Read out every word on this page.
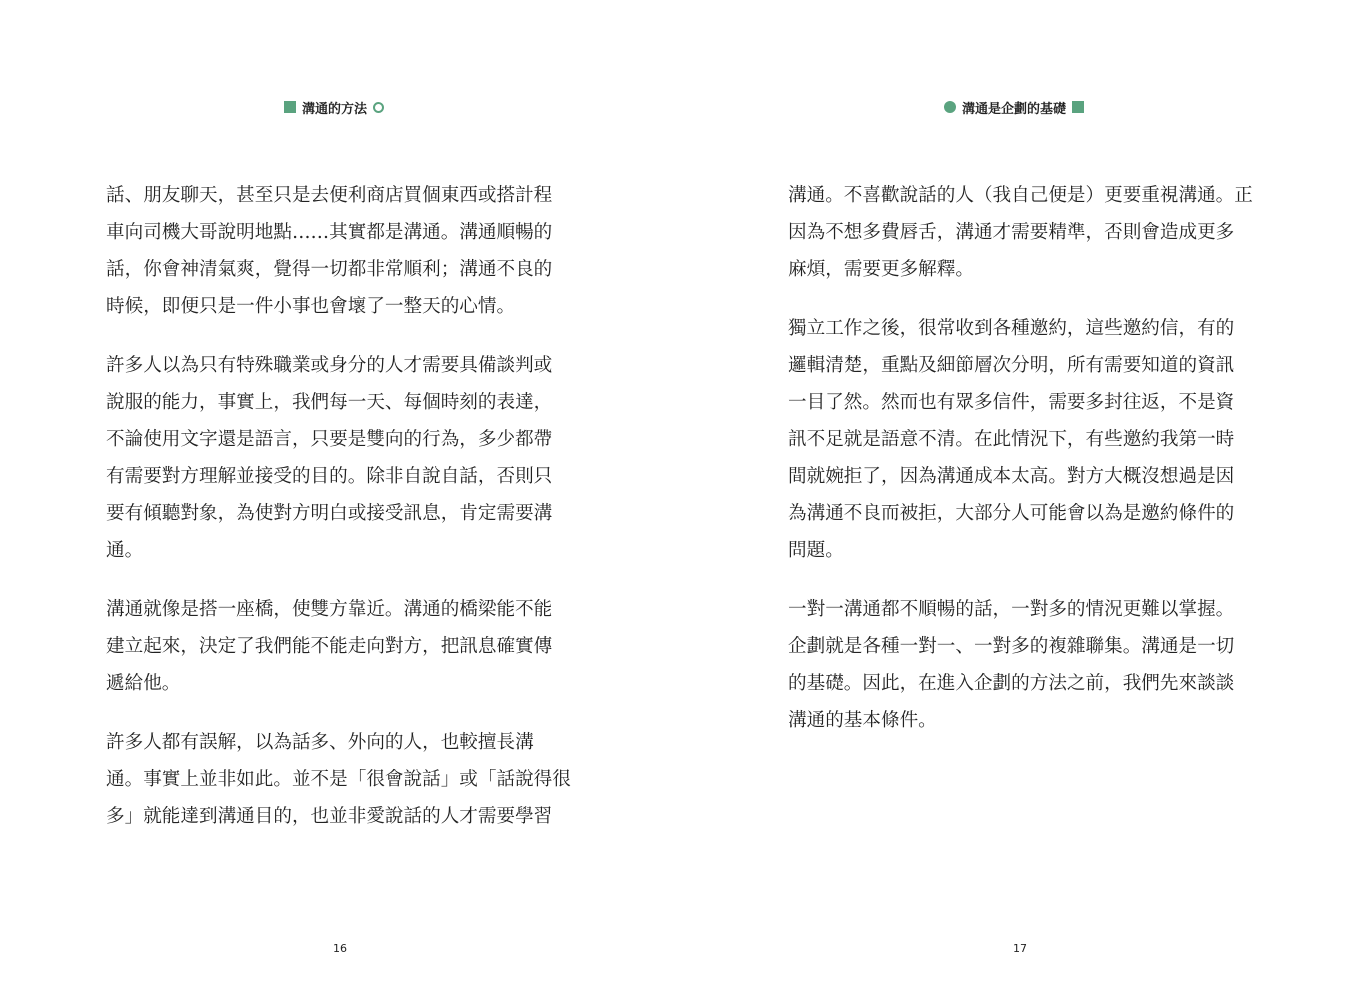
溝通的方法
話、朋友聊天，甚至只是去便利商店買個東西或搭計程
車向司機大哥說明地點……其實都是溝通。溝通順暢的
話，你會神清氣爽，覺得一切都非常順利；溝通不良的
時候，即便只是一件小事也會壞了一整天的心情。
許多人以為只有特殊職業或身分的人才需要具備談判或
說服的能力，事實上，我們每一天、每個時刻的表達，
不論使用文字還是語言，只要是雙向的行為，多少都帶
有需要對方理解並接受的目的。除非自說自話，否則只
要有傾聽對象，為使對方明白或接受訊息，肯定需要溝
通。
溝通就像是搭一座橋，使雙方靠近。溝通的橋梁能不能
建立起來，決定了我們能不能走向對方，把訊息確實傳
遞給他。
許多人都有誤解，以為話多、外向的人，也較擅長溝
通。事實上並非如此。並不是「很會說話」或「話說得很
多」就能達到溝通目的，也並非愛說話的人才需要學習
16
溝通是企劃的基礎
溝通。不喜歡說話的人（我自己便是）更要重視溝通。正
因為不想多費唇舌，溝通才需要精準，否則會造成更多
麻煩，需要更多解釋。
獨立工作之後，很常收到各種邀約，這些邀約信，有的
邏輯清楚，重點及細節層次分明，所有需要知道的資訊
一目了然。然而也有眾多信件，需要多封往返，不是資
訊不足就是語意不清。在此情況下，有些邀約我第一時
間就婉拒了，因為溝通成本太高。對方大概沒想過是因
為溝通不良而被拒，大部分人可能會以為是邀約條件的
問題。
一對一溝通都不順暢的話，一對多的情況更難以掌握。
企劃就是各種一對一、一對多的複雜聯集。溝通是一切
的基礎。因此，在進入企劃的方法之前，我們先來談談
溝通的基本條件。
17
